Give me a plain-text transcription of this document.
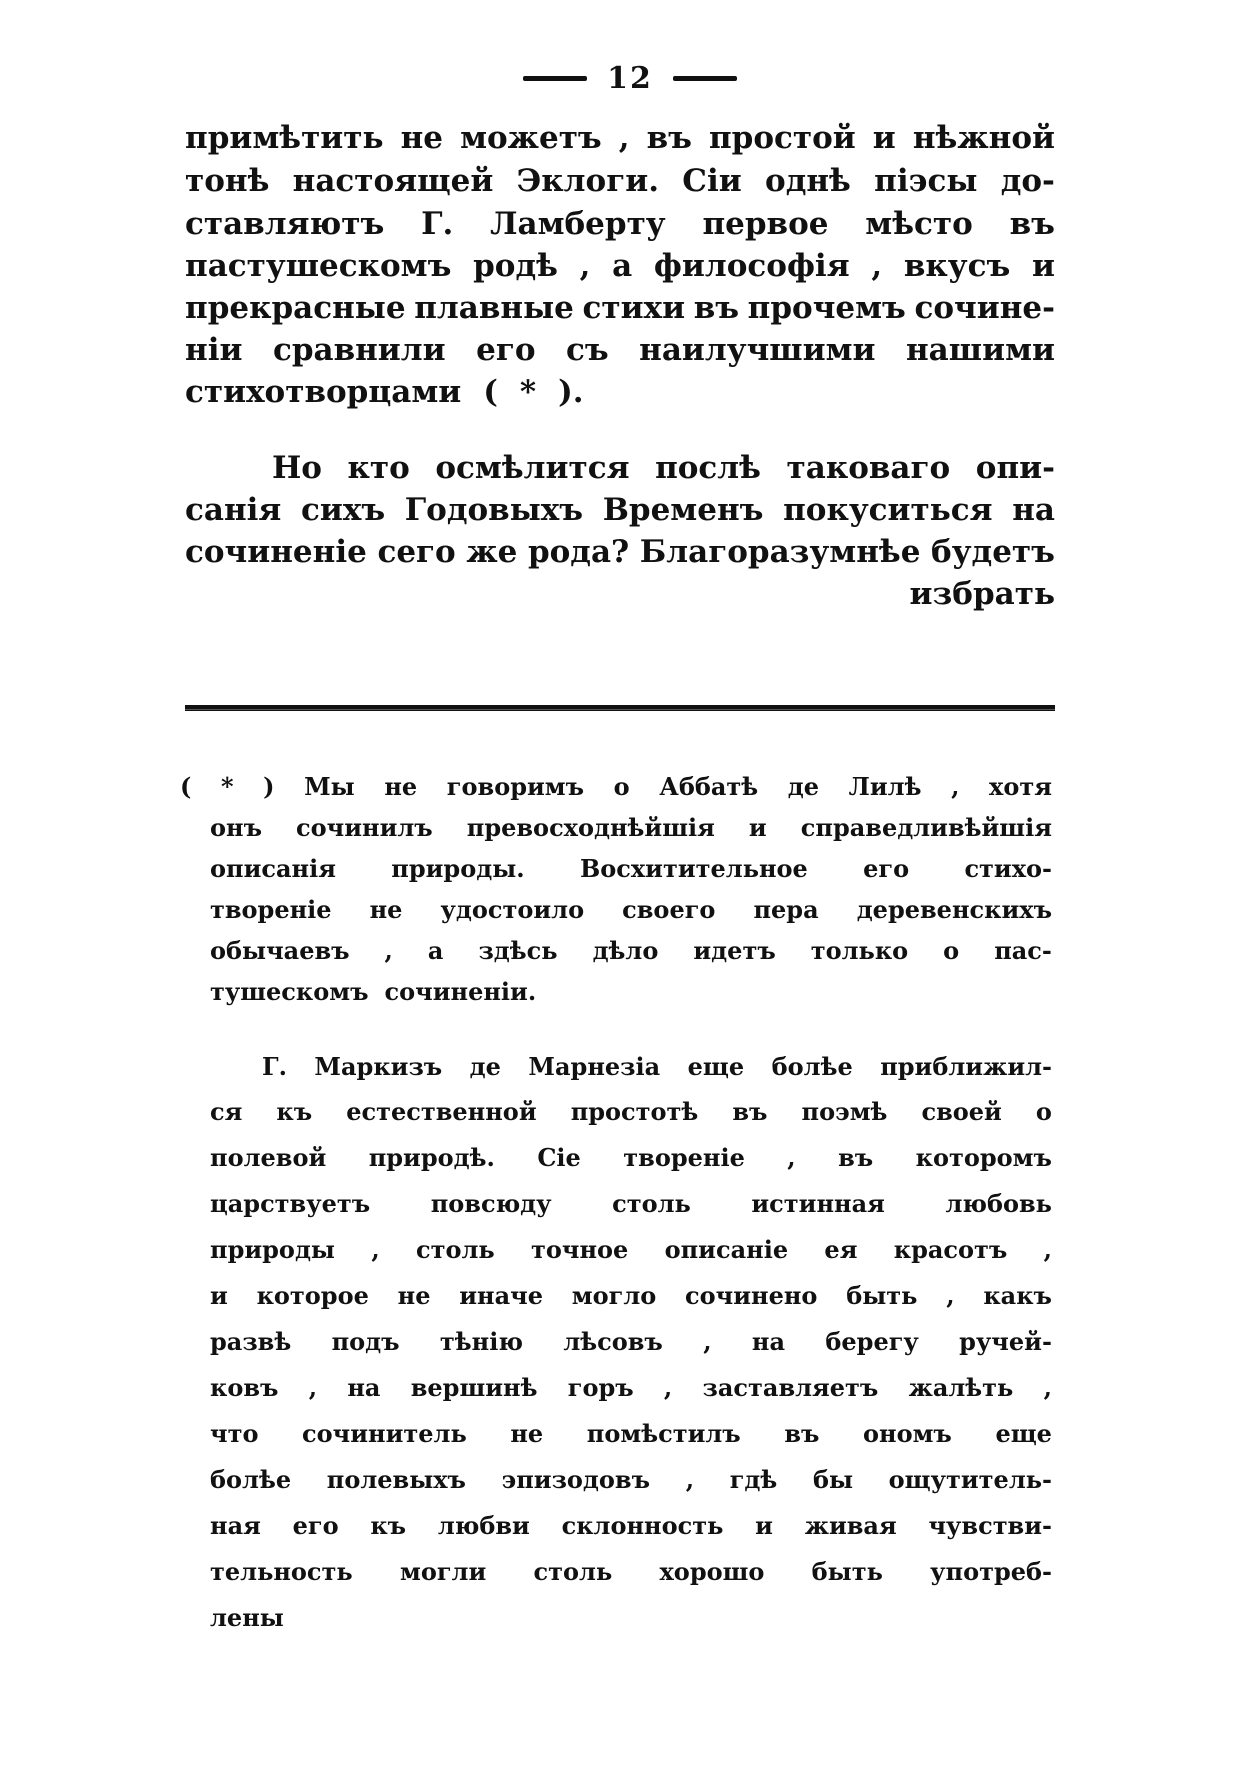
12
примѣтить не можетъ , въ простой и нѣжной
тонѣ настоящей Эклоги. Сіи однѣ піэсы до-
ставляютъ Г. Ламберту первое мѣсто въ
пастушескомъ родѣ , а философія , вкусъ и
прекрасные плавные стихи въ прочемъ сочине-
ніи сравнили его съ наилучшими нашими
стихотворцами ( * ).
Но кто осмѣлится послѣ таковаго опи-
санія сихъ Годовыхъ Временъ покуситься на
сочиненіе сего же рода? Благоразумнѣе будетъ
избрать
( * ) Мы не говоримъ о Аббатѣ де Лилѣ , хотя
онъ сочинилъ превосходнѣйшія и справедливѣйшія
описанія природы. Восхитительное его стихо-
твореніе не удостоило своего пера деревенскихъ
обычаевъ , а здѣсь дѣло идетъ только о пас-
тушескомъ сочиненіи.
Г. Маркизъ де Марнезіа еще болѣе приближил-
ся къ естественной простотѣ въ поэмѣ своей о
полевой природѣ. Сіе твореніе , въ которомъ
царствуетъ	повсюду	столь	истинная	любовь
природы , столь точное описаніе ея красотъ ,
и которое не иначе могло сочинено быть , какъ
развѣ подъ тѣнію лѣсовъ , на берегу ручей-
ковъ , на вершинѣ горъ , заставляетъ жалѣть ,
что сочинитель не помѣстилъ въ ономъ еще
болѣе полевыхъ эпизодовъ , гдѣ бы ощутитель-
ная его къ любви склонность и живая чувстви-
тельность могли столь хорошо быть употреб-
лены
